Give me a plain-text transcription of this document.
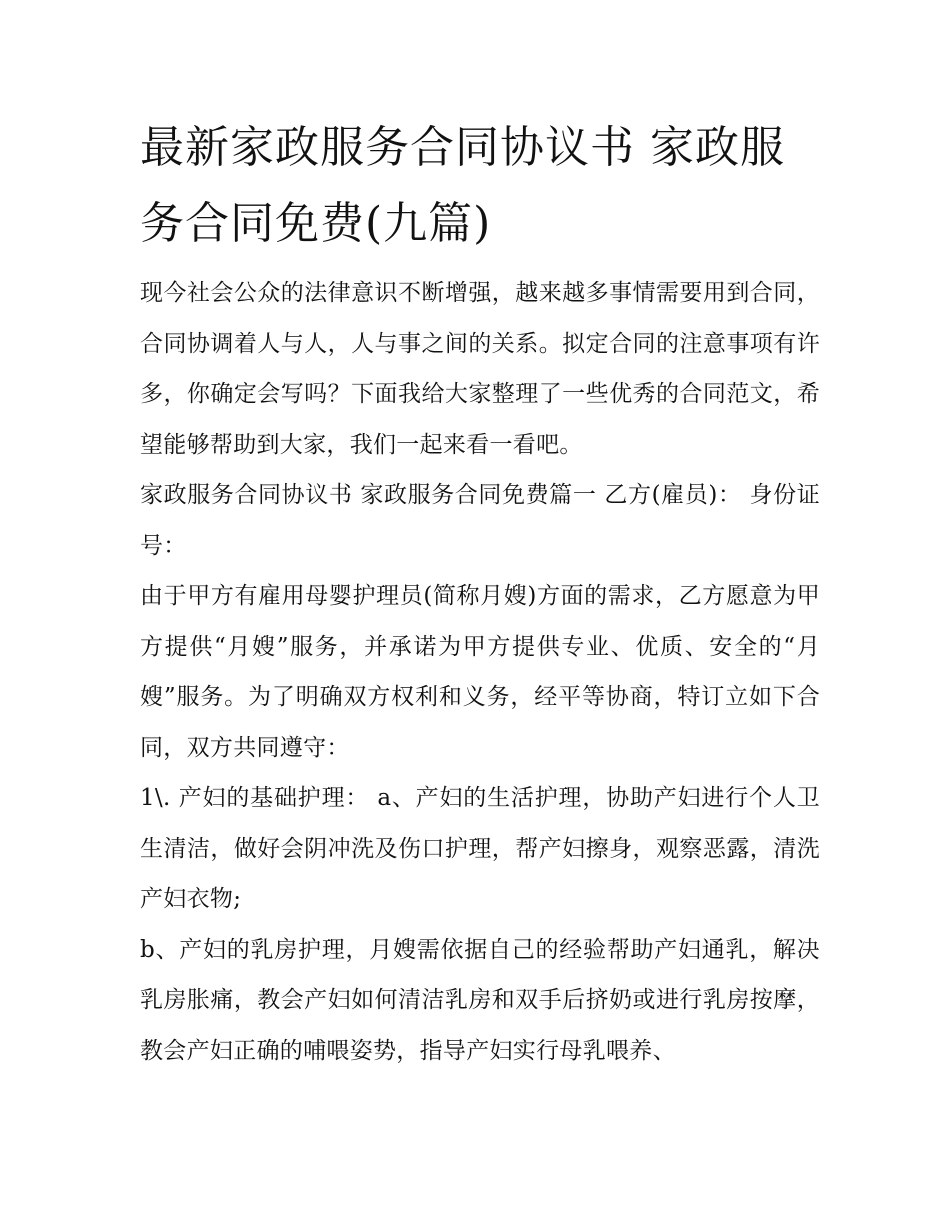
最新家政服务合同协议书 家政服务合同免费(九篇)

现今社会公众的法律意识不断增强，越来越多事情需要用到合同，合同协调着人与人，人与事之间的关系。拟定合同的注意事项有许多，你确定会写吗？下面我给大家整理了一些优秀的合同范文，希望能够帮助到大家，我们一起来看一看吧。

家政服务合同协议书 家政服务合同免费篇一 乙方(雇员)： 身份证号：

由于甲方有雇用母婴护理员(简称月嫂)方面的需求，乙方愿意为甲方提供“月嫂”服务，并承诺为甲方提供专业、优质、安全的“月嫂”服务。为了明确双方权利和义务，经平等协商，特订立如下合同，双方共同遵守：

1\. 产妇的基础护理： a、产妇的生活护理，协助产妇进行个人卫生清洁，做好会阴冲洗及伤口护理，帮产妇擦身，观察恶露，清洗产妇衣物;

b、产妇的乳房护理，月嫂需依据自己的经验帮助产妇通乳，解决乳房胀痛，教会产妇如何清洁乳房和双手后挤奶或进行乳房按摩，教会产妇正确的哺喂姿势，指导产妇实行母乳喂养、
